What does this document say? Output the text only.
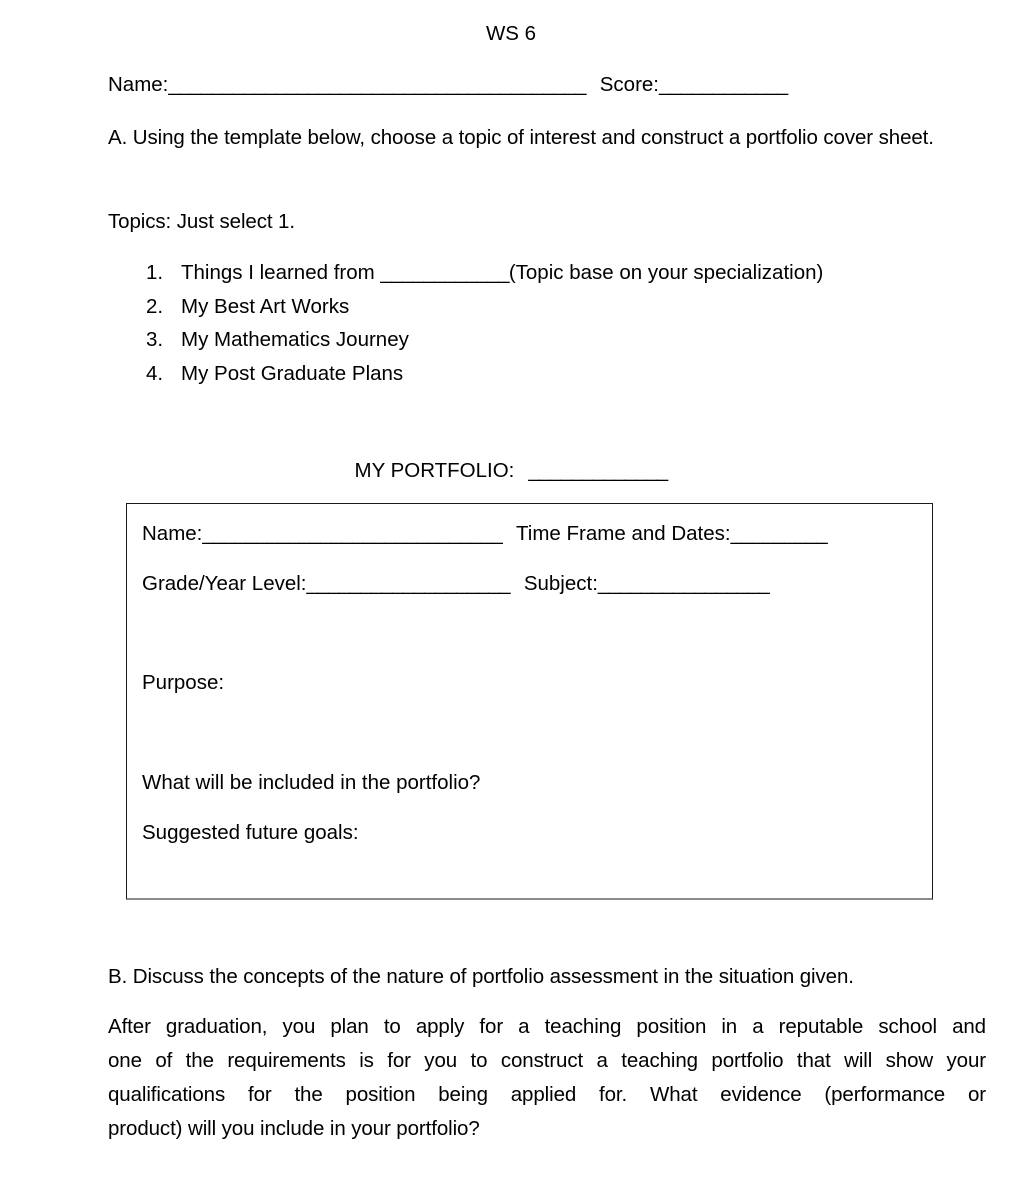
WS 6
Name:_______________________________________ Score:____________
A. Using the template below, choose a topic of interest and construct a portfolio cover sheet.
Topics: Just select 1.
1. Things I learned from ____________(Topic base on your specialization)
2. My Best Art Works
3. My Mathematics Journey
4. My Post Graduate Plans
MY PORTFOLIO: _____________
Name:____________________________ Time Frame and Dates:_________
Grade/Year Level:___________________ Subject:________________
Purpose:
What will be included in the portfolio?
Suggested future goals:
B. Discuss the concepts of the nature of portfolio assessment in the situation given.
After graduation, you plan to apply for a teaching position in a reputable school and
one of the requirements is for you to construct a teaching portfolio that will show your
qualifications for the position being applied for. What evidence (performance or
product) will you include in your portfolio?
